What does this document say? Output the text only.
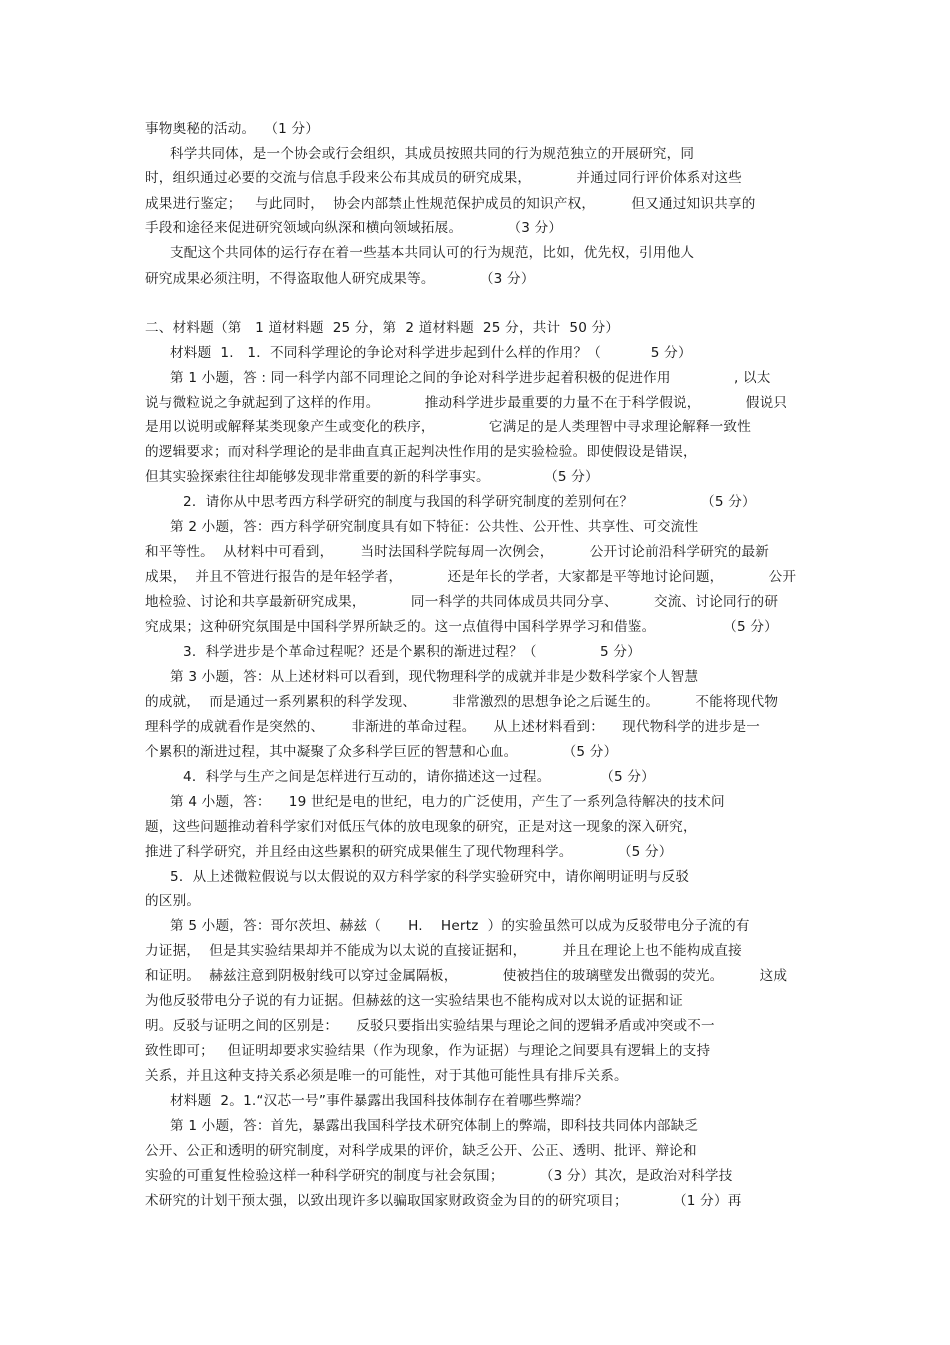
事物奥秘的活动。  （1 分）
科学共同体，是一个协会或行会组织，其成员按照共同的行为规范独立的开展研究，同
时，组织通过必要的交流与信息手段来公布其成员的研究成果，          并通过同行评价体系对这些
成果进行鉴定；   与此同时，  协会内部禁止性规范保护成员的知识产权，        但又通过知识共享的
手段和途径来促进研究领域向纵深和横向领域拓展。          （3 分）
支配这个共同体的运行存在着一些基本共同认可的行为规范，比如，优先权，引用他人
研究成果必须注明，不得盗取他人研究成果等。          （3 分）
二、材料题（第   1 道材料题  25 分，第  2 道材料题  25 分，共计  50 分）
材料题  1.   1．不同科学理论的争论对科学进步起到什么样的作用？（           5 分）
第 1 小题，答 : 同一科学内部不同理论之间的争论对科学进步起着积极的促进作用              , 以太
说与微粒说之争就起到了这样的作用。          推动科学进步最重要的力量不在于科学假说，          假说只
是用以说明或解释某类现象产生或变化的秩序，            它满足的是人类理智中寻求理论解释一致性
的逻辑要求；而对科学理论的是非曲直真正起判决性作用的是实验检验。即使假设是错误，
但其实验探索往往却能够发现非常重要的新的科学事实。            （5 分）
2．请你从中思考西方科学研究的制度与我国的科学研究制度的差别何在？               （5 分）
第 2 小题，答：西方科学研究制度具有如下特征：公共性、公开性、共享性、可交流性
和平等性。  从材料中可看到，      当时法国科学院每周一次例会，        公开讨论前沿科学研究的最新
成果，  并且不管进行报告的是年轻学者，          还是年长的学者，大家都是平等地讨论问题，          公开
地检验、讨论和共享最新研究成果，          同一科学的共同体成员共同分享、        交流、讨论同行的研
究成果；这种研究氛围是中国科学界所缺乏的。这一点值得中国科学界学习和借鉴。               （5 分）
3．科学进步是个革命过程呢？还是个累积的渐进过程？（              5 分）
第 3 小题，答：从上述材料可以看到，现代物理科学的成就并非是少数科学家个人智慧
的成就，  而是通过一系列累积的科学发现、        非常激烈的思想争论之后诞生的。        不能将现代物
理科学的成就看作是突然的、      非渐进的革命过程。    从上述材料看到：    现代物科学的进步是一
个累积的渐进过程，其中凝聚了众多科学巨匠的智慧和心血。          （5 分）
4．科学与生产之间是怎样进行互动的，请你描述这一过程。           （5 分）
第 4 小题，答：    19 世纪是电的世纪，电力的广泛使用，产生了一系列急待解决的技术问
题，这些问题推动着科学家们对低压气体的放电现象的研究，正是对这一现象的深入研究，
推进了科学研究，并且经由这些累积的研究成果催生了现代物理科学。          （5 分）
5．从上述微粒假说与以太假说的双方科学家的科学实验研究中，请你阐明证明与反驳
的区别。
第 5 小题，答：哥尔茨坦、赫兹（      H.    Hertz  ）的实验虽然可以成为反驳带电分子流的有
力证据，  但是其实验结果却并不能成为以太说的直接证据和，        并且在理论上也不能构成直接
和证明。  赫兹注意到阴极射线可以穿过金属隔板，          使被挡住的玻璃壁发出微弱的荧光。        这成
为他反驳带电分子说的有力证据。但赫兹的这一实验结果也不能构成对以太说的证据和证
明。反驳与证明之间的区别是：    反驳只要指出实验结果与理论之间的逻辑矛盾或冲突或不一
致性即可；   但证明却要求实验结果（作为现象，作为证据）与理论之间要具有逻辑上的支持
关系，并且这种支持关系必须是唯一的可能性，对于其他可能性具有排斥关系。
材料题  2。1.“汉芯一号”事件暴露出我国科技体制存在着哪些弊端？
第 1 小题，答：首先，暴露出我国科学技术研究体制上的弊端，即科技共同体内部缺乏
公开、公正和透明的研究制度，对科学成果的评价，缺乏公开、公正、透明、批评、辩论和
实验的可重复性检验这样一种科学研究的制度与社会氛围；        （3 分）其次，是政治对科学技
术研究的计划干预太强，以致出现许多以骗取国家财政资金为目的的研究项目；          （1 分）再
